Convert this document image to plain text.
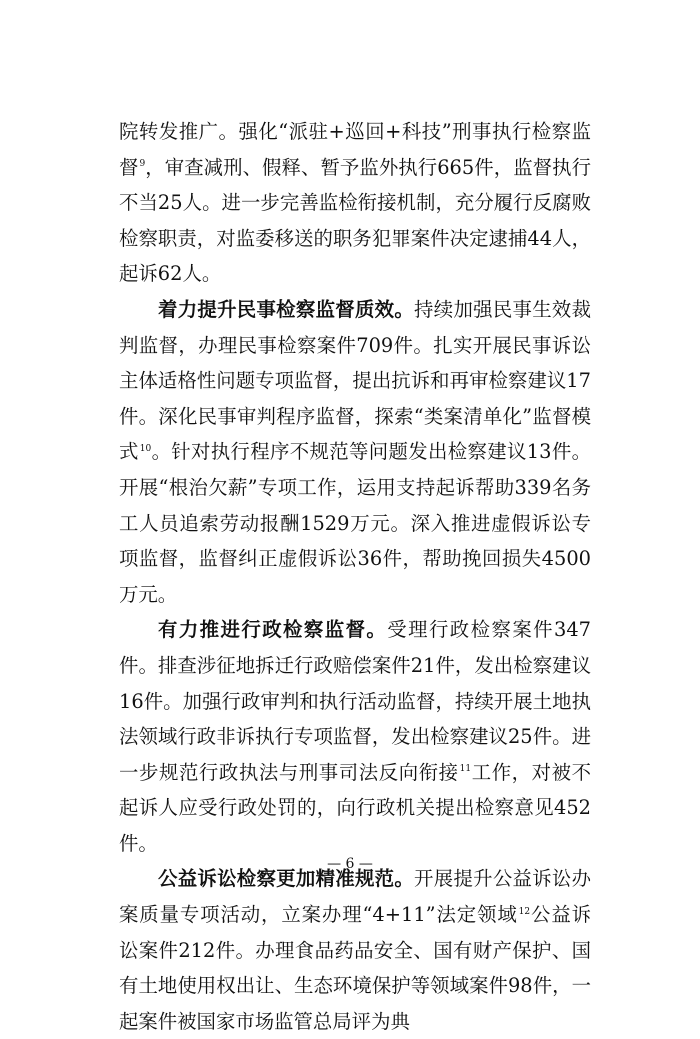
院转发推广。强化“派驻+巡回+科技”刑事执行检察监督$^9$，审查减刑、假释、暂予监外执行665件，监督执行不当25人。进一步完善监检衔接机制，充分履行反腐败检察职责，对监委移送的职务犯罪案件决定逮捕44人，起诉62人。

着力提升民事检察监督质效。持续加强民事生效裁判监督，办理民事检察案件709件。扎实开展民事诉讼主体适格性问题专项监督，提出抗诉和再审检察建议17件。深化民事审判程序监督，探索“类案清单化”监督模式$^{10}$。针对执行程序不规范等问题发出检察建议13件。开展“根治欠薪”专项工作，运用支持起诉帮助339名务工人员追索劳动报酬1529万元。深入推进虚假诉讼专项监督，监督纠正虚假诉讼36件，帮助挽回损失4500万元。

有力推进行政检察监督。受理行政检察案件347件。排查涉征地拆迁行政赔偿案件21件，发出检察建议16件。加强行政审判和执行活动监督，持续开展土地执法领域行政非诉执行专项监督，发出检察建议25件。进一步规范行政执法与刑事司法反向衔接$^{11}$工作，对被不起诉人应受行政处罚的，向行政机关提出检察意见452件。

公益诉讼检察更加精准规范。开展提升公益诉讼办案质量专项活动，立案办理“4+11”法定领域$^{12}$公益诉讼案件212件。办理食品药品安全、国有财产保护、国有土地使用权出让、生态环境保护等领域案件98件，一起案件被国家市场监管总局评为典

— 6 —
